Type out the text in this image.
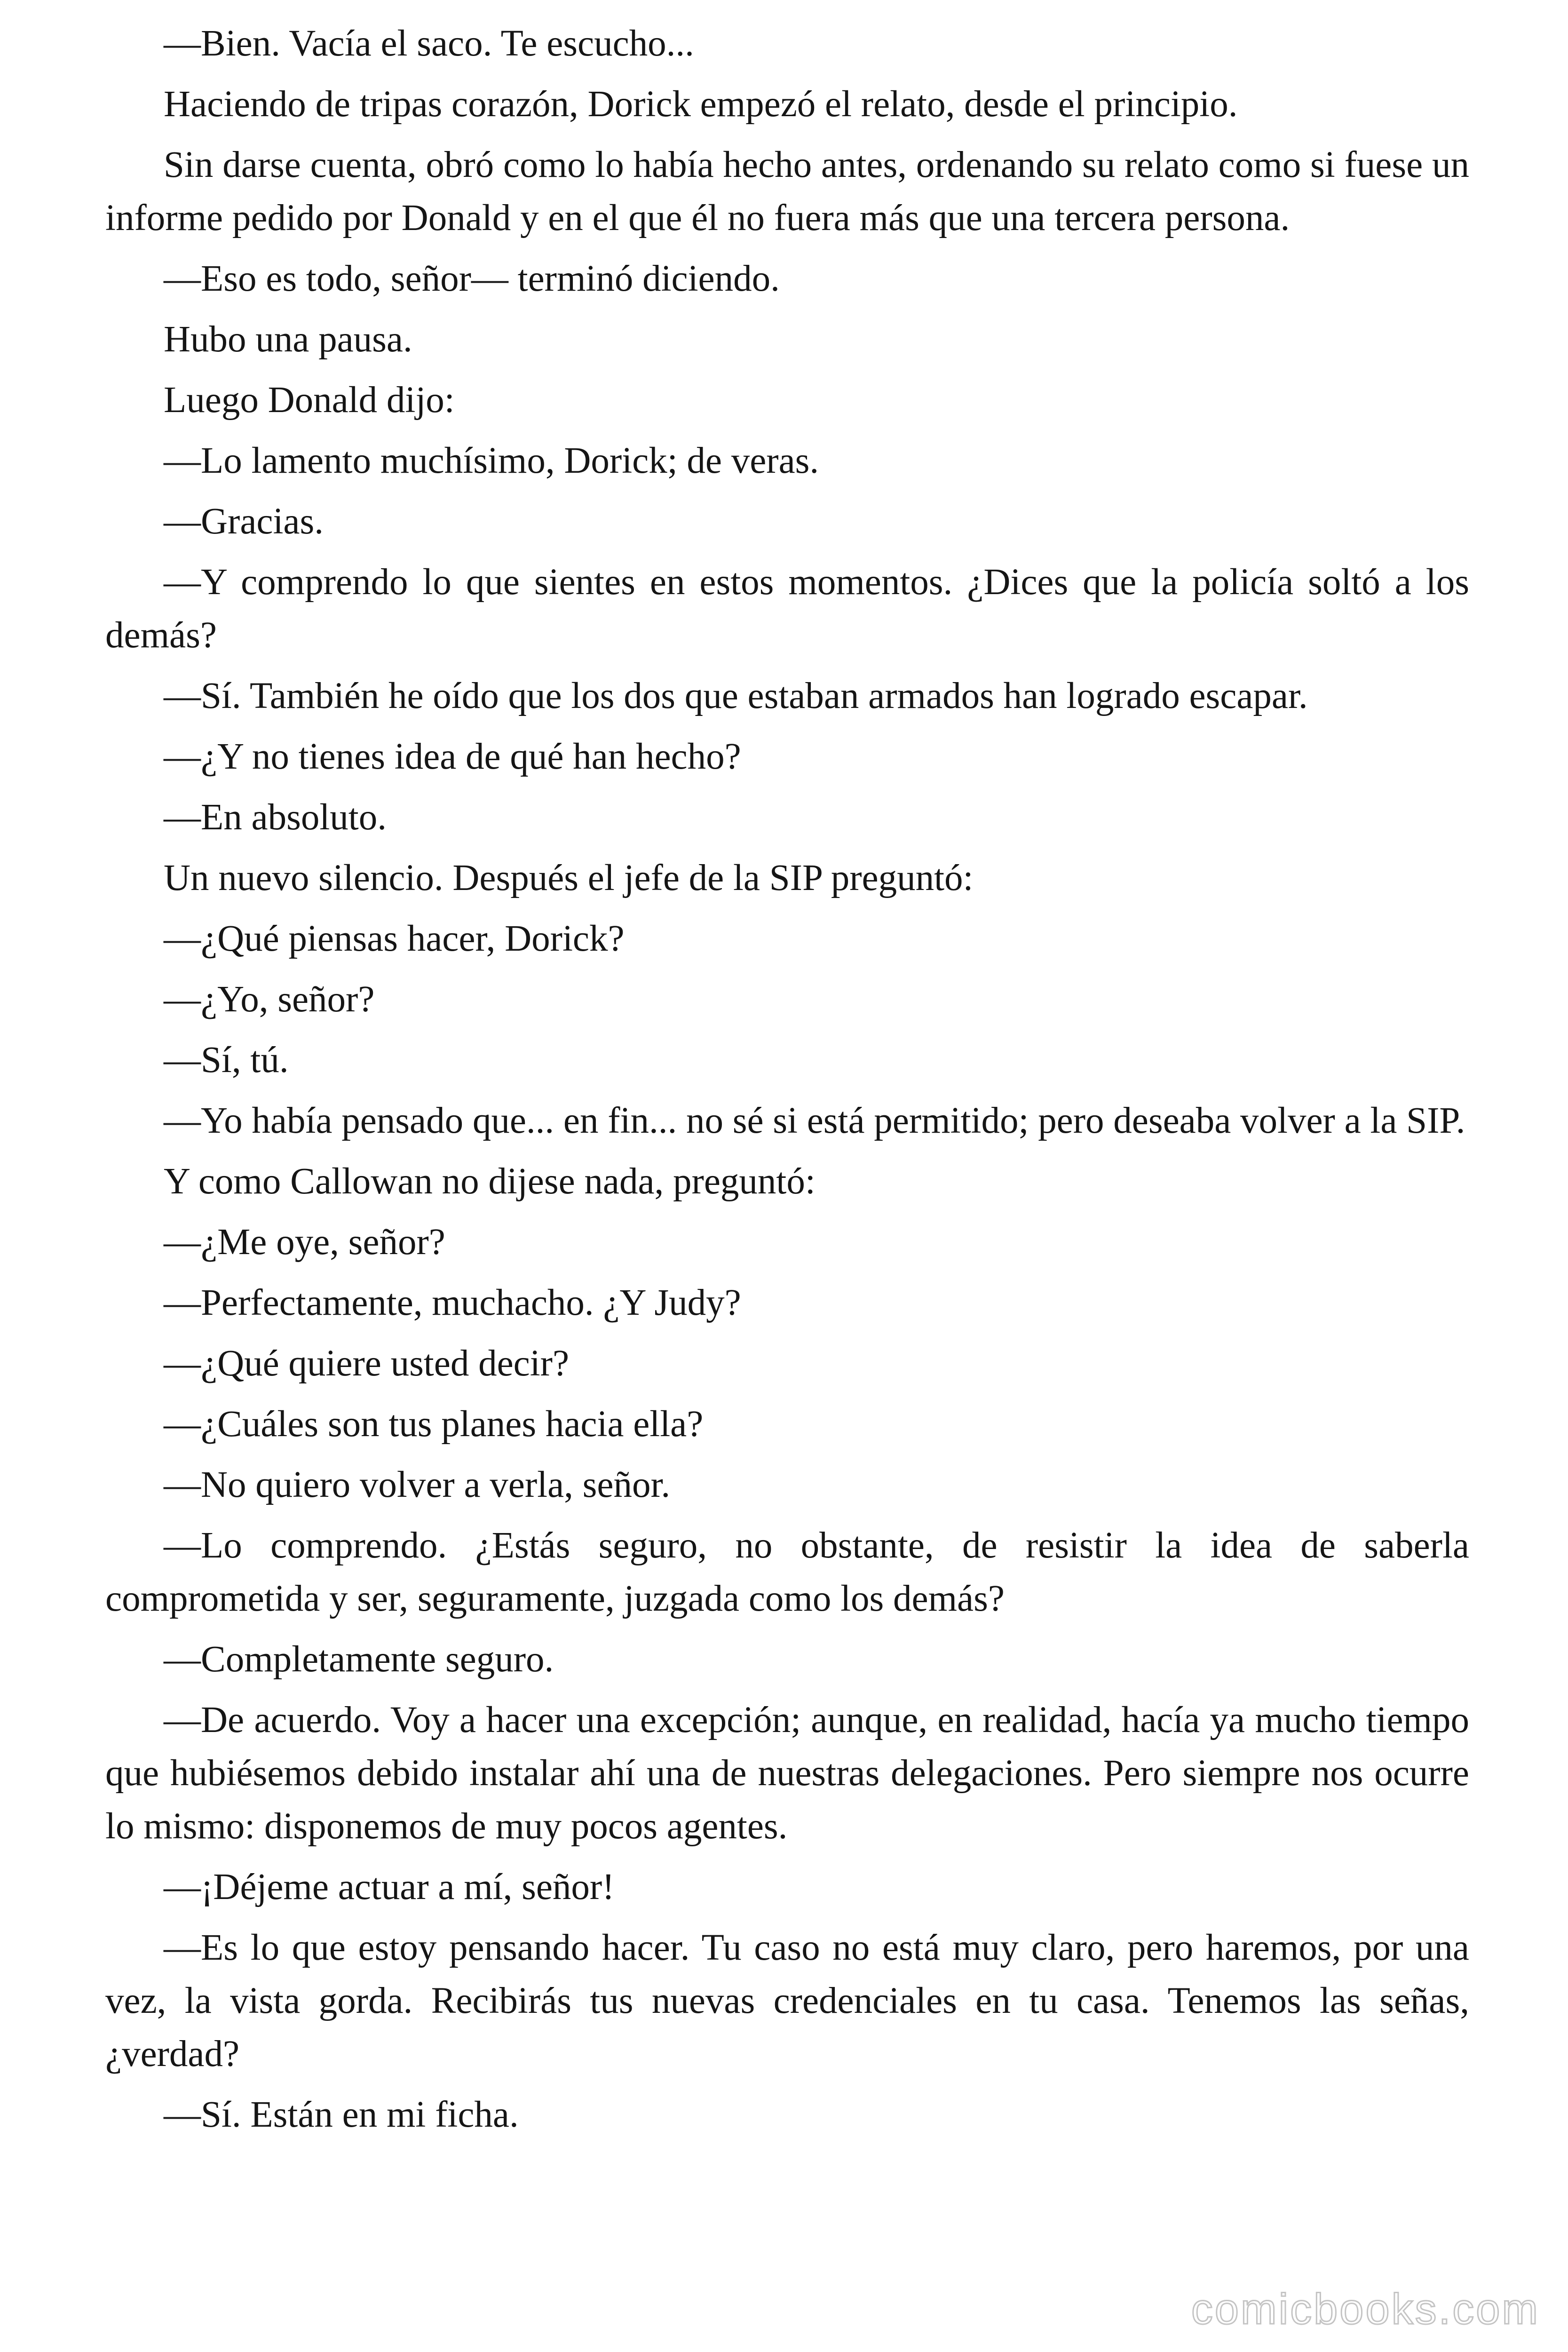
—Bien. Vacía el saco. Te escucho...

Haciendo de tripas corazón, Dorick empezó el relato, desde el principio.

Sin darse cuenta, obró como lo había hecho antes, ordenando su relato como si fuese un informe pedido por Donald y en el que él no fuera más que una tercera persona.

—Eso es todo, señor— terminó diciendo.

Hubo una pausa.

Luego Donald dijo:

—Lo lamento muchísimo, Dorick; de veras.

—Gracias.

—Y comprendo lo que sientes en estos momentos. ¿Dices que la policía soltó a los demás?

—Sí. También he oído que los dos que estaban armados han logrado escapar.

—¿Y no tienes idea de qué han hecho?

—En absoluto.

Un nuevo silencio. Después el jefe de la SIP preguntó:

—¿Qué piensas hacer, Dorick?

—¿Yo, señor?

—Sí, tú.

—Yo había pensado que... en fin... no sé si está permitido; pero deseaba volver a la SIP.

Y como Callowan no dijese nada, preguntó:

—¿Me oye, señor?

—Perfectamente, muchacho. ¿Y Judy?

—¿Qué quiere usted decir?

—¿Cuáles son tus planes hacia ella?

—No quiero volver a verla, señor.

—Lo comprendo. ¿Estás seguro, no obstante, de resistir la idea de saberla comprometida y ser, seguramente, juzgada como los demás?

—Completamente seguro.

—De acuerdo. Voy a hacer una excepción; aunque, en realidad, hacía ya mucho tiempo que hubiésemos debido instalar ahí una de nuestras delegaciones. Pero siempre nos ocurre lo mismo: disponemos de muy pocos agentes.

—¡Déjeme actuar a mí, señor!

—Es lo que estoy pensando hacer. Tu caso no está muy claro, pero haremos, por una vez, la vista gorda. Recibirás tus nuevas credenciales en tu casa. Tenemos las señas, ¿verdad?

—Sí. Están en mi ficha.

comicbooks.com
